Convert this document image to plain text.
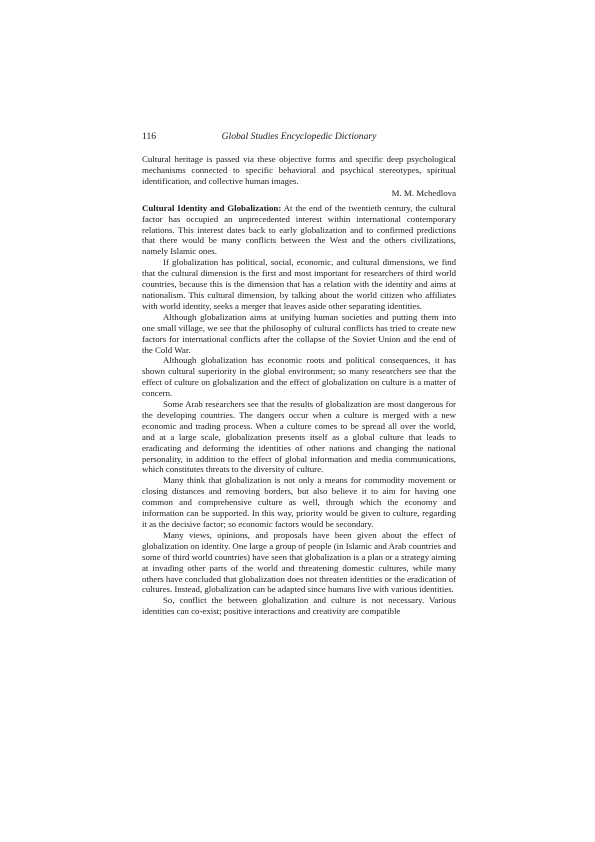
116	Global Studies Encyclopedic Dictionary

Cultural heritage is passed via these objective forms and specific deep psychological mechanisms connected to specific behavioral and psychical stereotypes, spiritual identification, and collective human images.

M. M. Mchedlova

Cultural Identity and Globalization: At the end of the twentieth century, the cultural factor has occupied an unprecedented interest within international contemporary relations. This interest dates back to early globalization and to confirmed predictions that there would be many conflicts between the West and the others civilizations, namely Islamic ones.

If globalization has political, social, economic, and cultural dimensions, we find that the cultural dimension is the first and most important for researchers of third world countries, because this is the dimension that has a relation with the identity and aims at nationalism. This cultural dimension, by talking about the world citizen who affiliates with world identity, seeks a merger that leaves aside other separating identities.

Although globalization aims at unifying human societies and putting them into one small village, we see that the philosophy of cultural conflicts has tried to create new factors for international conflicts after the collapse of the Soviet Union and the end of the Cold War.

Although globalization has economic roots and political consequences, it has shown cultural superiority in the global environment; so many researchers see that the effect of culture on globalization and the effect of globalization on culture is a matter of concern.

Some Arab researchers see that the results of globalization are most dangerous for the developing countries. The dangers occur when a culture is merged with a new economic and trading process. When a culture comes to be spread all over the world, and at a large scale, globalization presents itself as a global culture that leads to eradicating and deforming the identities of other nations and changing the national personality, in addition to the effect of global information and media communications, which constitutes threats to the diversity of culture.

Many think that globalization is not only a means for commodity movement or closing distances and removing borders, but also believe it to aim for having one common and comprehensive culture as well, through which the economy and information can be supported. In this way, priority would be given to culture, regarding it as the decisive factor; so economic factors would be secondary.

Many views, opinions, and proposals have been given about the effect of globalization on identity. One large a group of people (in Islamic and Arab countries and some of third world countries) have seen that globalization is a plan or a strategy aiming at invading other parts of the world and threatening domestic cultures, while many others have concluded that globalization does not threaten identities or the eradication of cultures. Instead, globalization can be adapted since humans live with various identities.

So, conflict the between globalization and culture is not necessary. Various identities can co-exist; positive interactions and creativity are compatible
